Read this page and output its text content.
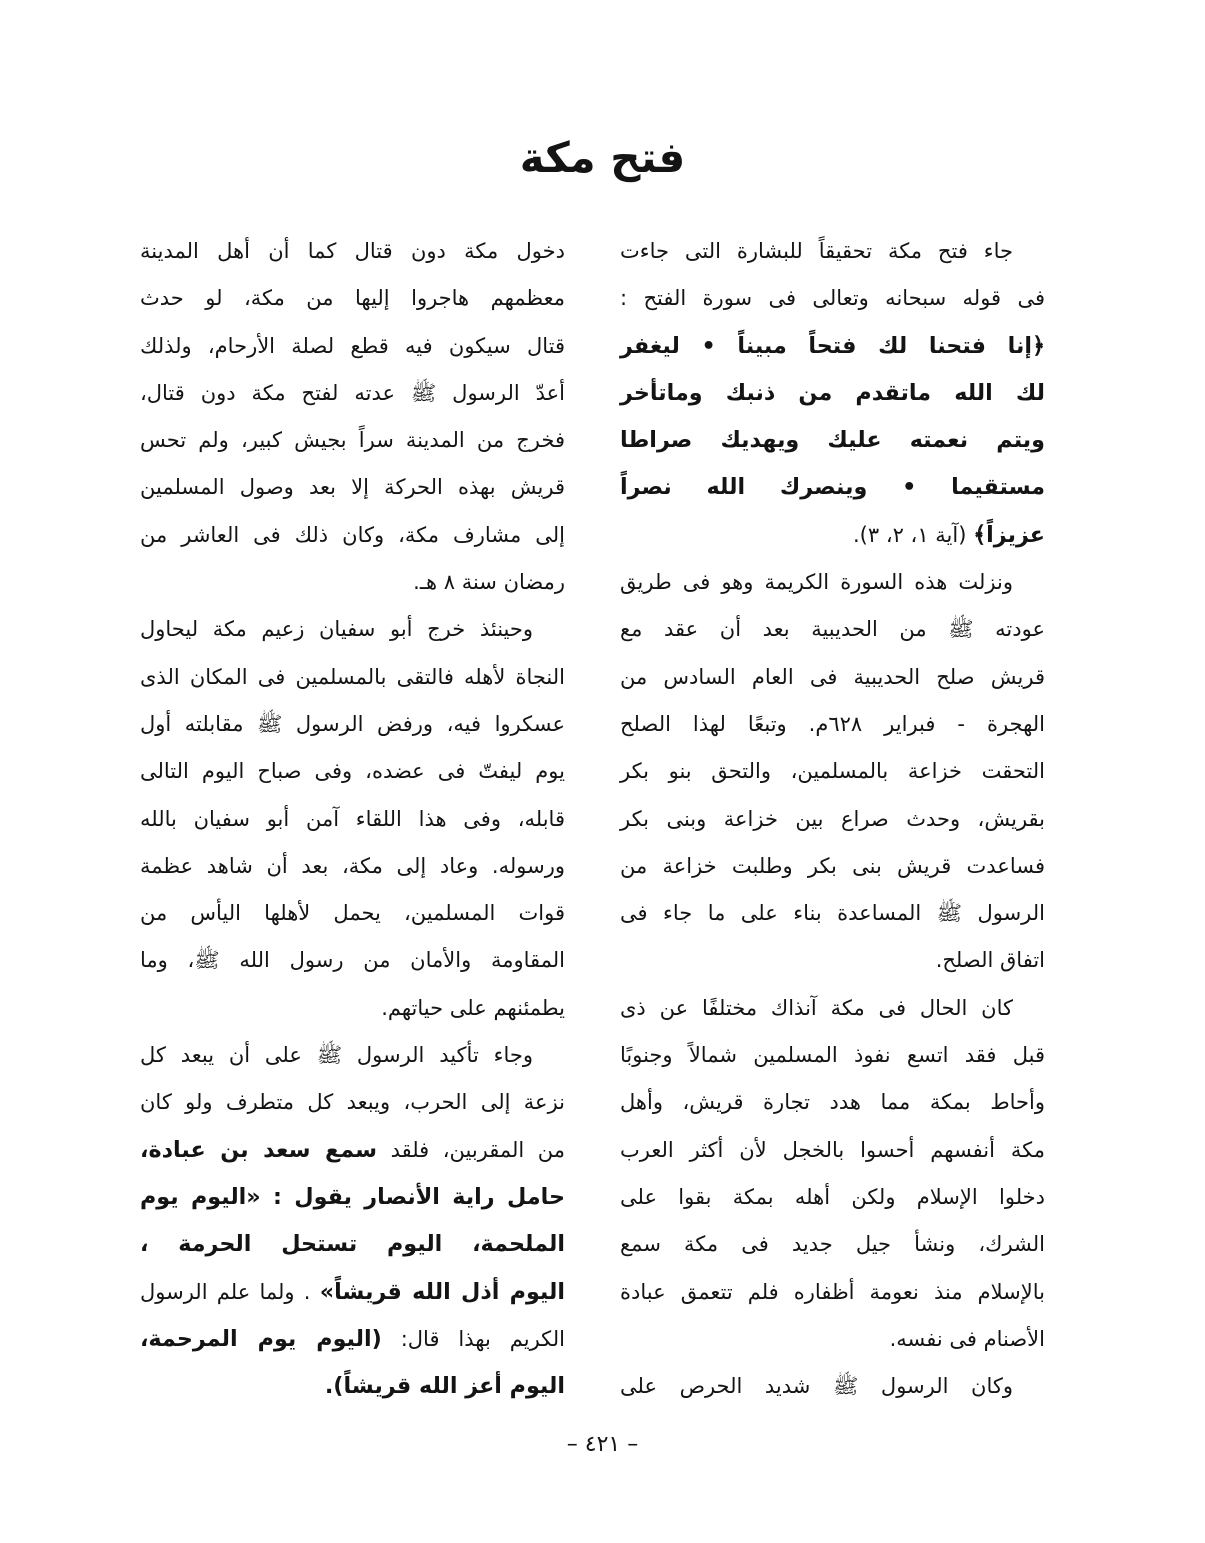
فتح مكة
جاء فتح مكة تحقيقاً للبشارة التى جاءت
فى قوله سبحانه وتعالى فى سورة الفتح :
﴿إنا فتحنا لك فتحاً مبيناً • ليغفر
لك الله ماتقدم من ذنبك وماتأخر
ويتم نعمته عليك ويهديك صراطا
مستقيما • وينصرك الله نصراً
عزيزاً﴾ (آية ١، ٢، ٣).
ونزلت هذه السورة الكريمة وهو فى طريق
عودته ﷺ من الحديبية بعد أن عقد مع
قريش صلح الحديبية فى العام السادس من
الهجرة - فبراير ٦٢٨م. وتبعًا لهذا الصلح
التحقت خزاعة بالمسلمين، والتحق بنو بكر
بقريش، وحدث صراع بين خزاعة وبنى بكر
فساعدت قريش بنى بكر وطلبت خزاعة من
الرسول ﷺ المساعدة بناء على ما جاء فى
اتفاق الصلح.
كان الحال فى مكة آنذاك مختلفًا عن ذى
قبل فقد اتسع نفوذ المسلمين شمالاً وجنوبًا
وأحاط بمكة مما هدد تجارة قريش، وأهل
مكة أنفسهم أحسوا بالخجل لأن أكثر العرب
دخلوا الإسلام ولكن أهله بمكة بقوا على
الشرك، ونشأ جيل جديد فى مكة سمع
بالإسلام منذ نعومة أظفاره فلم تتعمق عبادة
الأصنام فى نفسه.
وكان الرسول ﷺ شديد الحرص على
دخول مكة دون قتال كما أن أهل المدينة
معظمهم هاجروا إليها من مكة، لو حدث
قتال سيكون فيه قطع لصلة الأرحام، ولذلك
أعدّ الرسول ﷺ عدته لفتح مكة دون قتال،
فخرج من المدينة سراً بجيش كبير، ولم تحس
قريش بهذه الحركة إلا بعد وصول المسلمين
إلى مشارف مكة، وكان ذلك فى العاشر من
رمضان سنة ٨ هـ.
وحينئذ خرج أبو سفيان زعيم مكة ليحاول
النجاة لأهله فالتقى بالمسلمين فى المكان الذى
عسكروا فيه، ورفض الرسول ﷺ مقابلته أول
يوم ليفتّ فى عضده، وفى صباح اليوم التالى
قابله، وفى هذا اللقاء آمن أبو سفيان بالله
ورسوله. وعاد إلى مكة، بعد أن شاهد عظمة
قوات المسلمين، يحمل لأهلها اليأس من
المقاومة والأمان من رسول الله ﷺ، وما
يطمئنهم على حياتهم.
وجاء تأكيد الرسول ﷺ على أن يبعد كل
نزعة إلى الحرب، ويبعد كل متطرف ولو كان
من المقربين، فلقد سمع سعد بن عبادة،
حامل راية الأنصار يقول : «اليوم يوم
الملحمة، اليوم تستحل الحرمة ،
اليوم أذل الله قريشاً» . ولما علم الرسول
الكريم بهذا قال: (اليوم يوم المرحمة،
اليوم أعز الله قريشاً).
– ٤٢١ –
